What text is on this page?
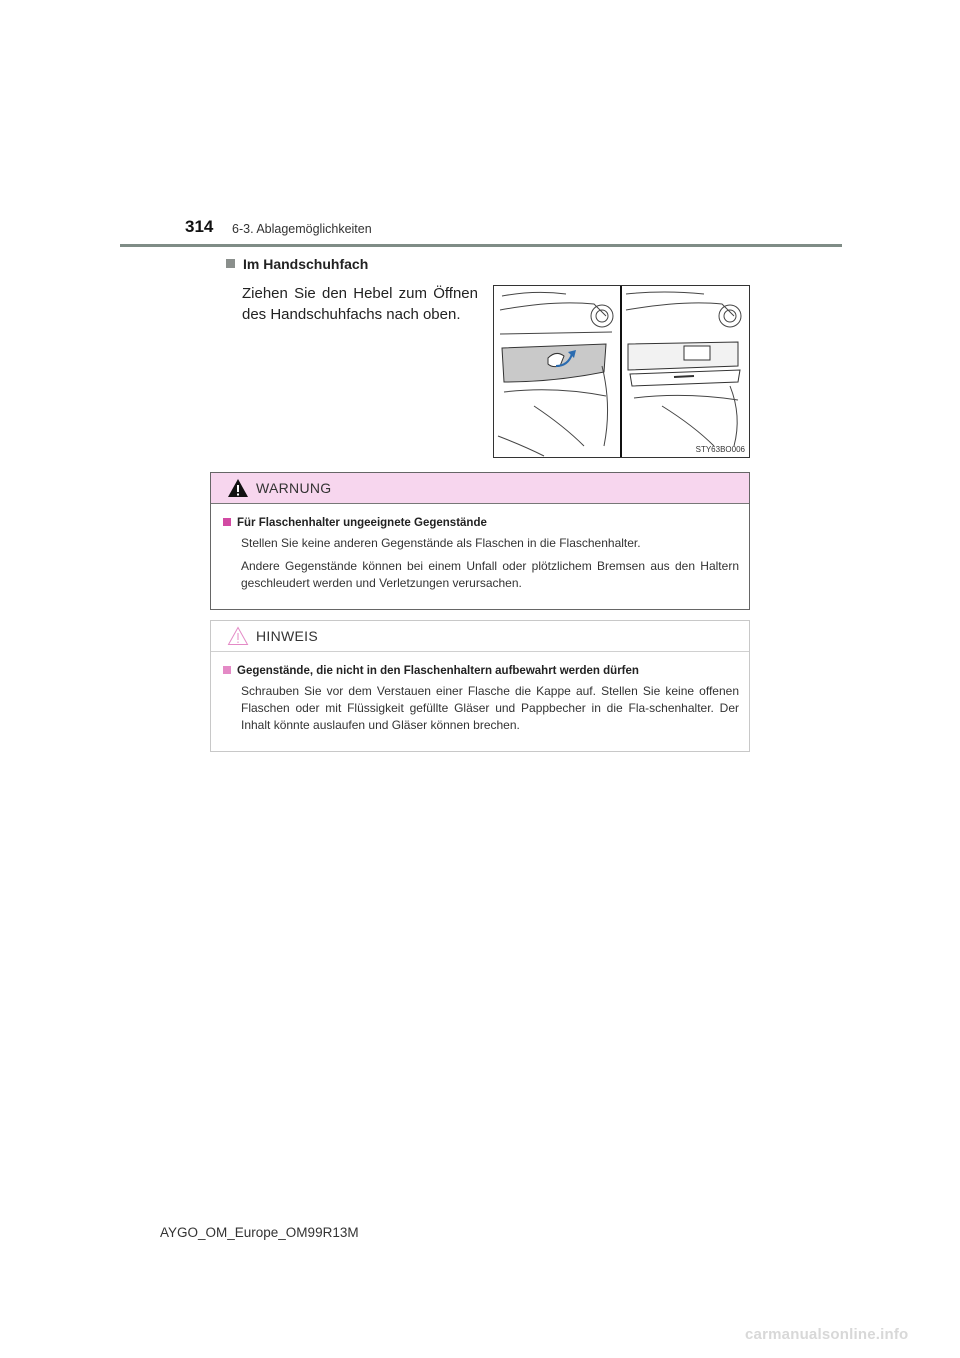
314 6-3. Ablagemöglichkeiten
Im Handschuhfach
Ziehen Sie den Hebel zum Öffnen des Handschuhfachs nach oben.
STY63BO006
WARNUNG
Für Flaschenhalter ungeeignete Gegenstände

Stellen Sie keine anderen Gegenstände als Flaschen in die Flaschenhalter.

Andere Gegenstände können bei einem Unfall oder plötzlichem Bremsen aus den Haltern geschleudert werden und Verletzungen verursachen.

HINWEIS
Gegenstände, die nicht in den Flaschenhaltern aufbewahrt werden dürfen

Schrauben Sie vor dem Verstauen einer Flasche die Kappe auf. Stellen Sie keine offenen Flaschen oder mit Flüssigkeit gefüllte Gläser und Pappbecher in die Fla-schenhalter. Der Inhalt könnte auslaufen und Gläser können brechen.

AYGO_OM_Europe_OM99R13M
carmanualsonline.info
